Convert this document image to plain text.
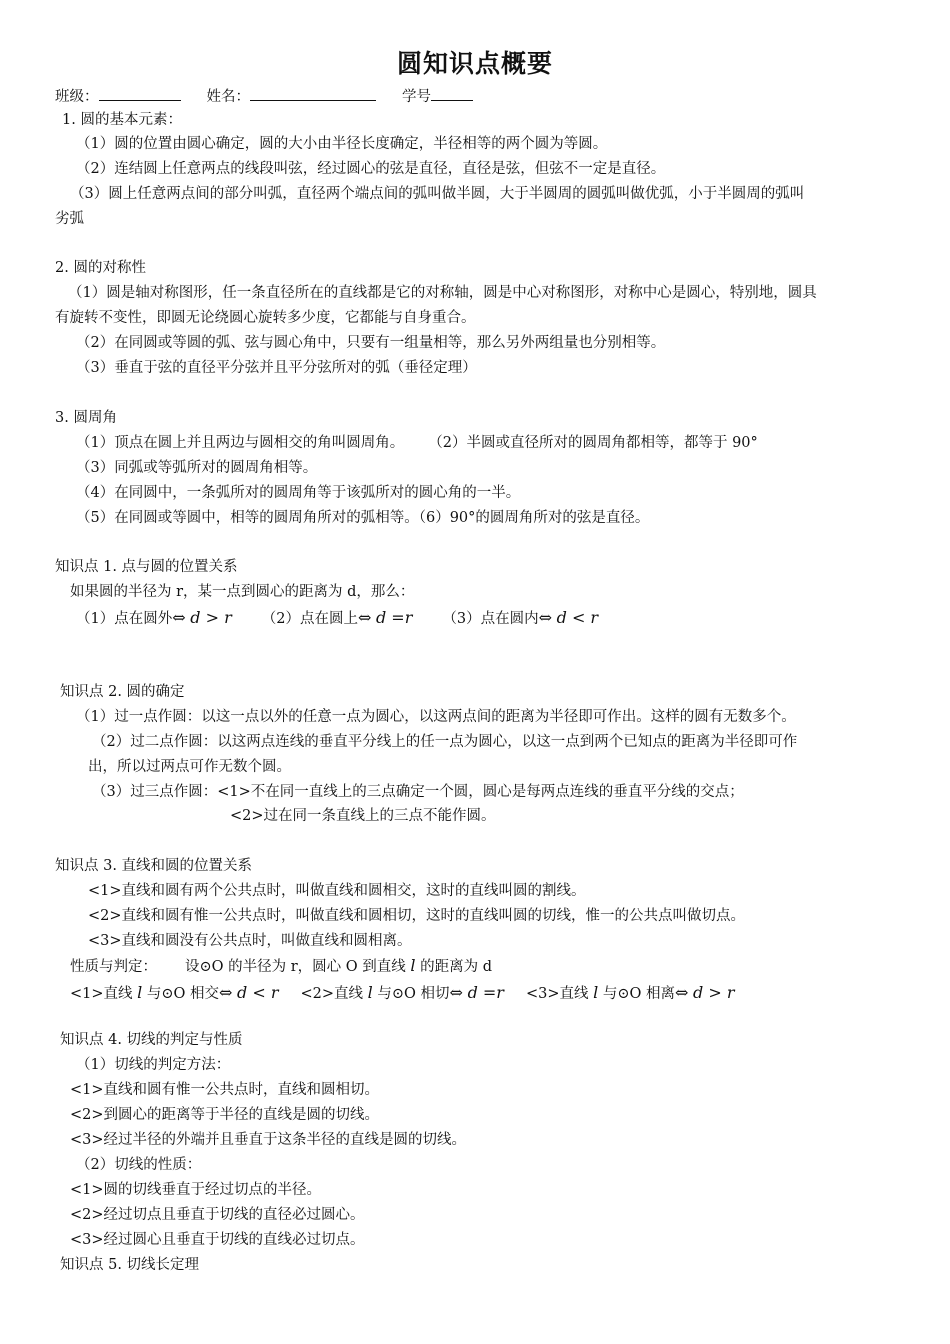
圆知识点概要
班级：	姓名：	学号
1. 圆的基本元素：
（1）圆的位置由圆心确定，圆的大小由半径长度确定，半径相等的两个圆为等圆。
（2）连结圆上任意两点的线段叫弦，经过圆心的弦是直径，直径是弦，但弦不一定是直径。
（3）圆上任意两点间的部分叫弧，直径两个端点间的弧叫做半圆，大于半圆周的圆弧叫做优弧，小于半圆周的弧叫
劣弧
2. 圆的对称性
（1）圆是轴对称图形，任一条直径所在的直线都是它的对称轴，圆是中心对称图形，对称中心是圆心，特别地，圆具
有旋转不变性，即圆无论绕圆心旋转多少度，它都能与自身重合。
（2）在同圆或等圆的弧、弦与圆心角中，只要有一组量相等，那么另外两组量也分别相等。
（3）垂直于弦的直径平分弦并且平分弦所对的弧（垂径定理）
3. 圆周角
（1）顶点在圆上并且两边与圆相交的角叫圆周角。 （2）半圆或直径所对的圆周角都相等，都等于 90°
（3）同弧或等弧所对的圆周角相等。
（4）在同圆中，一条弧所对的圆周角等于该弧所对的圆心角的一半。
（5）在同圆或等圆中，相等的圆周角所对的弧相等。（6）90°的圆周角所对的弦是直径。
知识点 1. 点与圆的位置关系
如果圆的半径为 r，某一点到圆心的距离为 d，那么：
（1）点在圆外⇔ d > r （2）点在圆上⇔ d =r （3）点在圆内⇔ d < r
知识点 2. 圆的确定
（1）过一点作圆：以这一点以外的任意一点为圆心，以这两点间的距离为半径即可作出。这样的圆有无数多个。
（2）过二点作圆：以这两点连线的垂直平分线上的任一点为圆心，以这一点到两个已知点的距离为半径即可作
出，所以过两点可作无数个圆。
（3）过三点作圆：<1>不在同一直线上的三点确定一个圆，圆心是每两点连线的垂直平分线的交点；
<2>过在同一条直线上的三点不能作圆。
知识点 3. 直线和圆的位置关系
<1>直线和圆有两个公共点时，叫做直线和圆相交，这时的直线叫圆的割线。
<2>直线和圆有惟一公共点时，叫做直线和圆相切，这时的直线叫圆的切线，惟一的公共点叫做切点。
<3>直线和圆没有公共点时，叫做直线和圆相离。
性质与判定： 设⊙O 的半径为 r，圆心 O 到直线 l 的距离为 d
<1>直线 l 与⊙O 相交⇔ d < r <2>直线 l 与⊙O 相切⇔ d =r <3>直线 l 与⊙O 相离⇔ d > r
知识点 4. 切线的判定与性质
（1）切线的判定方法：
<1>直线和圆有惟一公共点时，直线和圆相切。
<2>到圆心的距离等于半径的直线是圆的切线。
<3>经过半径的外端并且垂直于这条半径的直线是圆的切线。
（2）切线的性质：
<1>圆的切线垂直于经过切点的半径。
<2>经过切点且垂直于切线的直径必过圆心。
<3>经过圆心且垂直于切线的直线必过切点。
知识点 5. 切线长定理
